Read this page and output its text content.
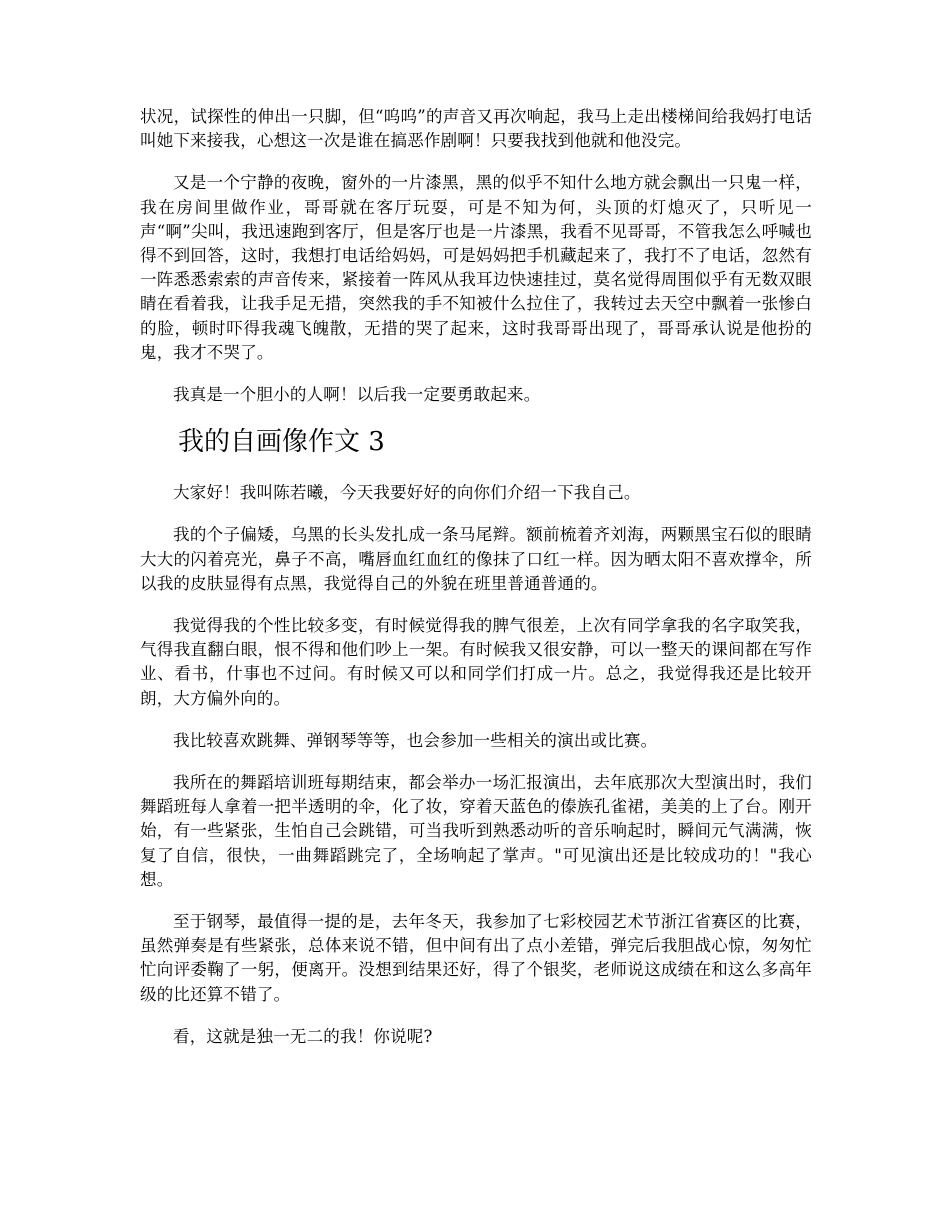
状况，试探性的伸出一只脚，但“呜呜”的声音又再次响起，我马上走出楼梯间给我妈打电话叫她下来接我，心想这一次是谁在搞恶作剧啊！只要我找到他就和他没完。

又是一个宁静的夜晚，窗外的一片漆黑，黑的似乎不知什么地方就会飘出一只鬼一样，我在房间里做作业，哥哥就在客厅玩耍，可是不知为何，头顶的灯熄灭了，只听见一声“啊”尖叫，我迅速跑到客厅，但是客厅也是一片漆黑，我看不见哥哥，不管我怎么呼喊也得不到回答，这时，我想打电话给妈妈，可是妈妈把手机藏起来了，我打不了电话，忽然有一阵悉悉索索的声音传来，紧接着一阵风从我耳边快速挂过，莫名觉得周围似乎有无数双眼睛在看着我，让我手足无措，突然我的手不知被什么拉住了，我转过去天空中飘着一张惨白的脸，顿时吓得我魂飞魄散，无措的哭了起来，这时我哥哥出现了，哥哥承认说是他扮的鬼，我才不哭了。

我真是一个胆小的人啊！以后我一定要勇敢起来。

我的自画像作文 3

大家好！我叫陈若曦，今天我要好好的向你们介绍一下我自己。

我的个子偏矮，乌黑的长头发扎成一条马尾辫。额前梳着齐刘海，两颗黑宝石似的眼睛大大的闪着亮光，鼻子不高，嘴唇血红血红的像抹了口红一样。因为晒太阳不喜欢撑伞，所以我的皮肤显得有点黑，我觉得自己的外貌在班里普通普通的。

我觉得我的个性比较多变，有时候觉得我的脾气很差，上次有同学拿我的名字取笑我，气得我直翻白眼，恨不得和他们吵上一架。有时候我又很安静，可以一整天的课间都在写作业、看书，什事也不过问。有时候又可以和同学们打成一片。总之，我觉得我还是比较开朗，大方偏外向的。

我比较喜欢跳舞、弹钢琴等等，也会参加一些相关的演出或比赛。

我所在的舞蹈培训班每期结束，都会举办一场汇报演出，去年底那次大型演出时，我们舞蹈班每人拿着一把半透明的伞，化了妆，穿着天蓝色的傣族孔雀裙，美美的上了台。刚开始，有一些紧张，生怕自己会跳错，可当我听到熟悉动听的音乐响起时，瞬间元气满满，恢复了自信，很快，一曲舞蹈跳完了，全场响起了掌声。"可见演出还是比较成功的！"我心想。

至于钢琴，最值得一提的是，去年冬天，我参加了七彩校园艺术节浙江省赛区的比赛，虽然弹奏是有些紧张，总体来说不错，但中间有出了点小差错，弹完后我胆战心惊，匆匆忙忙向评委鞠了一躬，便离开。没想到结果还好，得了个银奖，老师说这成绩在和这么多高年级的比还算不错了。

看，这就是独一无二的我！你说呢?
